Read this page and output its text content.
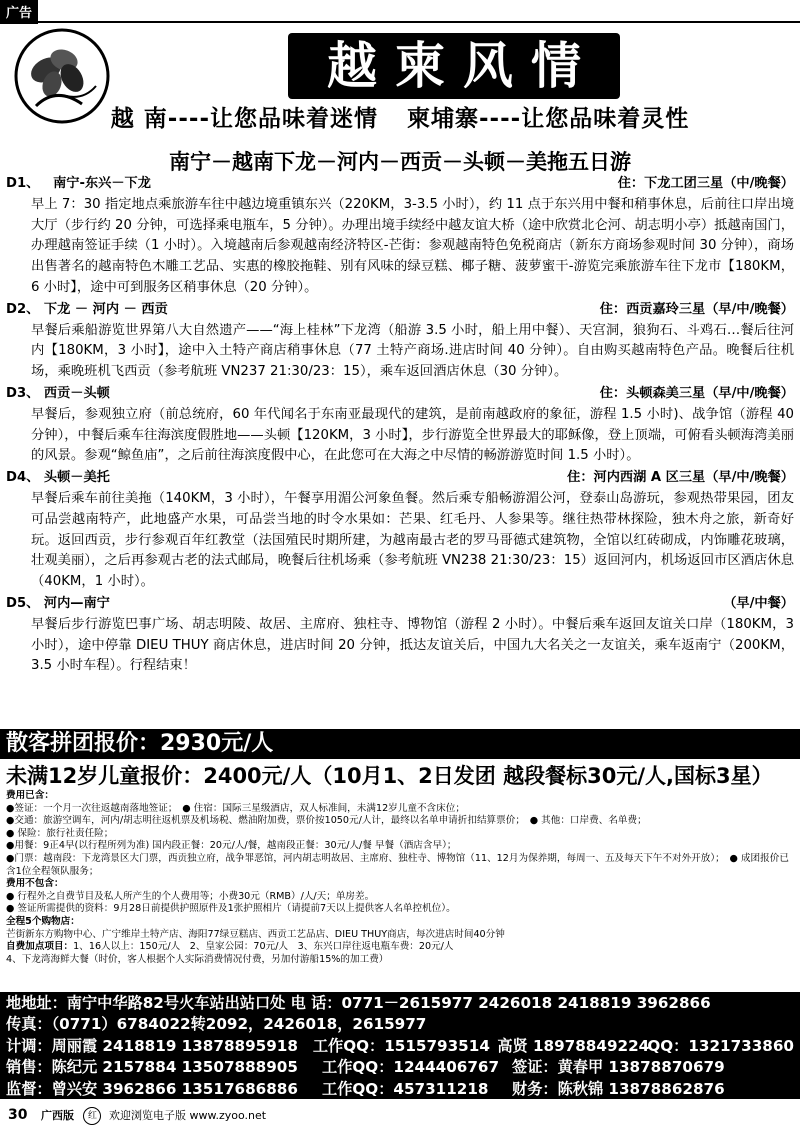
广告
越柬风情
越 南----让您品味着迷情 柬埔寨----让您品味着灵性
南宁－越南下龙－河内－西贡－头顿－美拖五日游
D1、 南宁-东兴－下龙	住：下龙工团三星（中/晚餐）

早上 7：30 指定地点乘旅游车往中越边境重镇东兴（220KM，3-3.5 小时），约 11 点于东兴用中餐和稍事休息，后前往口岸出境大厅（步行约 20 分钟，可选择乘电瓶车，5 分钟）。办理出境手续经中越友谊大桥（途中欣赏北仑河、胡志明小亭）抵越南国门，办理越南签证手续（1 小时）。入境越南后参观越南经济特区-芒街：参观越南特色免税商店（新东方商场参观时间 30 分钟），商场出售著名的越南特色木雕工艺品、实惠的橡胶拖鞋、别有风味的绿豆糕、椰子糖、菠萝蜜干-游览完乘旅游车往下龙市【180KM，6 小时】，途中可到服务区稍事休息（20 分钟）。

D2、 下龙 － 河内 － 西贡	住：西贡嘉玲三星（早/中/晚餐）

早餐后乘船游览世界第八大自然遗产——“海上桂林”下龙湾（船游 3.5 小时，船上用中餐）、天宫洞，狼狗石、斗鸡石…餐后往河内【180KM，3 小时】，途中入土特产商店稍事休息（77 土特产商场.进店时间 40 分钟）。自由购买越南特色产品。晚餐后往机场，乘晚班机飞西贡（参考航班 VN237 21:30/23：15），乘车返回酒店休息（30 分钟）。

D3、 西贡－头顿	住：头顿森美三星（早/中/晚餐）

早餐后，参观独立府（前总统府，60 年代闻名于东南亚最现代的建筑，是前南越政府的象征，游程 1.5 小时)、战争馆（游程 40 分钟），中餐后乘车往海滨度假胜地——头顿【120KM，3 小时】，步行游览全世界最大的耶稣像，登上顶端，可俯看头顿海湾美丽的风景。参观“鲸鱼庙”，之后前往海滨度假中心，在此您可在大海之中尽情的畅游游览时间 1.5 小时）。

D4、 头顿－美托	住：河内西湖 A 区三星（早/中/晚餐）

早餐后乘车前往美拖（140KM，3 小时），午餐享用湄公河象鱼餐。然后乘专船畅游湄公河，登泰山岛游玩，参观热带果园，团友可品尝越南特产，此地盛产水果，可品尝当地的时令水果如：芒果、红毛丹、人参果等。继往热带林探险，独木舟之旅，新奇好玩。返回西贡，步行参观百年红教堂（法国殖民时期所建，为越南最古老的罗马哥德式建筑物，全馆以红砖砌成，内饰雕花玻璃，壮观美丽），之后再参观古老的法式邮局，晚餐后往机场乘（参考航班 VN238 21:30/23：15）返回河内，机场返回市区酒店休息（40KM，1 小时）。

D5、 河内—南宁	（早/中餐）

早餐后步行游览巴事广场、胡志明陵、故居、主席府、独柱寺、博物馆（游程 2 小时）。中餐后乘车返回友谊关口岸（180KM，3 小时），途中停靠 DIEU THUY 商店休息，进店时间 20 分钟，抵达友谊关后，中国九大名关之一友谊关，乘车返南宁（200KM，3.5 小时车程）。行程结束！

散客拼团报价：2930元/人
未满12岁儿童报价：2400元/人（10月1、2日发团 越段餐标30元/人,国标3星）
费用已含：
●签证：一个月一次往返越南落地签证；　● 住宿：国际三星级酒店，双人标准间，未满12岁儿童不含床位；
●交通：旅游空调车，河内/胡志明往返机票及机场税、燃油附加费，票价按1050元/人计，最终以名单申请折扣结算票价；　● 其他：口岸费、名单费；
● 保险：旅行社责任险；
●用餐：9正4早(以行程所列为准) 国内段正餐：20元/人/餐，越南段正餐：30元/人/餐 早餐（酒店含早）；
●门票：越南段：下龙湾景区大门票，西贡独立府，战争罪恶馆，河内胡志明故居、主席府、独柱寺、博物馆（11、12月为保养期，每周一、五及每天下午不对外开放）；　● 成团报价已含1位全程领队服务；
费用不包含：
● 行程外之自费节目及私人所产生的个人费用等；小费30元（RMB）/人/天；单房差。
● 签证所需提供的资料：9月28日前提供护照原件及1张护照相片（请提前7天以上提供客人名单控机位）。
全程5个购物店：
芒街新东方购物中心、广宁维岸土特产店、海阳77绿豆糕店、西贡工艺品店、DIEU THUY商店，每次进店时间40分钟
自费加点项目：1、16人以上：150元/人　2、皇家公园：70元/人　3、东兴口岸往返电瓶车费：20元/人
4、下龙湾海鲜大餐（时价，客人根据个人实际消费情况付费，另加付游船15%的加工费）
地地址：南宁中华路82号火车站出站口处
电 话：0771－2615977 2426018 2418819 3962866
传真：（0771）6784022转2092，2426018，2615977
计调：周丽霞 2418819 13878895918 工作QQ：1515793514 高贤 18978849224
QQ：1321733860
销售：陈纪元 2157884 13507888905	工作QQ：1244406767 签证：黄春甲 13878870679
监督：曾兴安 3962866 13517686886	工作QQ：457311218	财务：陈秋锦 13878862876
30 广西版 红 欢迎浏览电子版 www.zyoo.net
